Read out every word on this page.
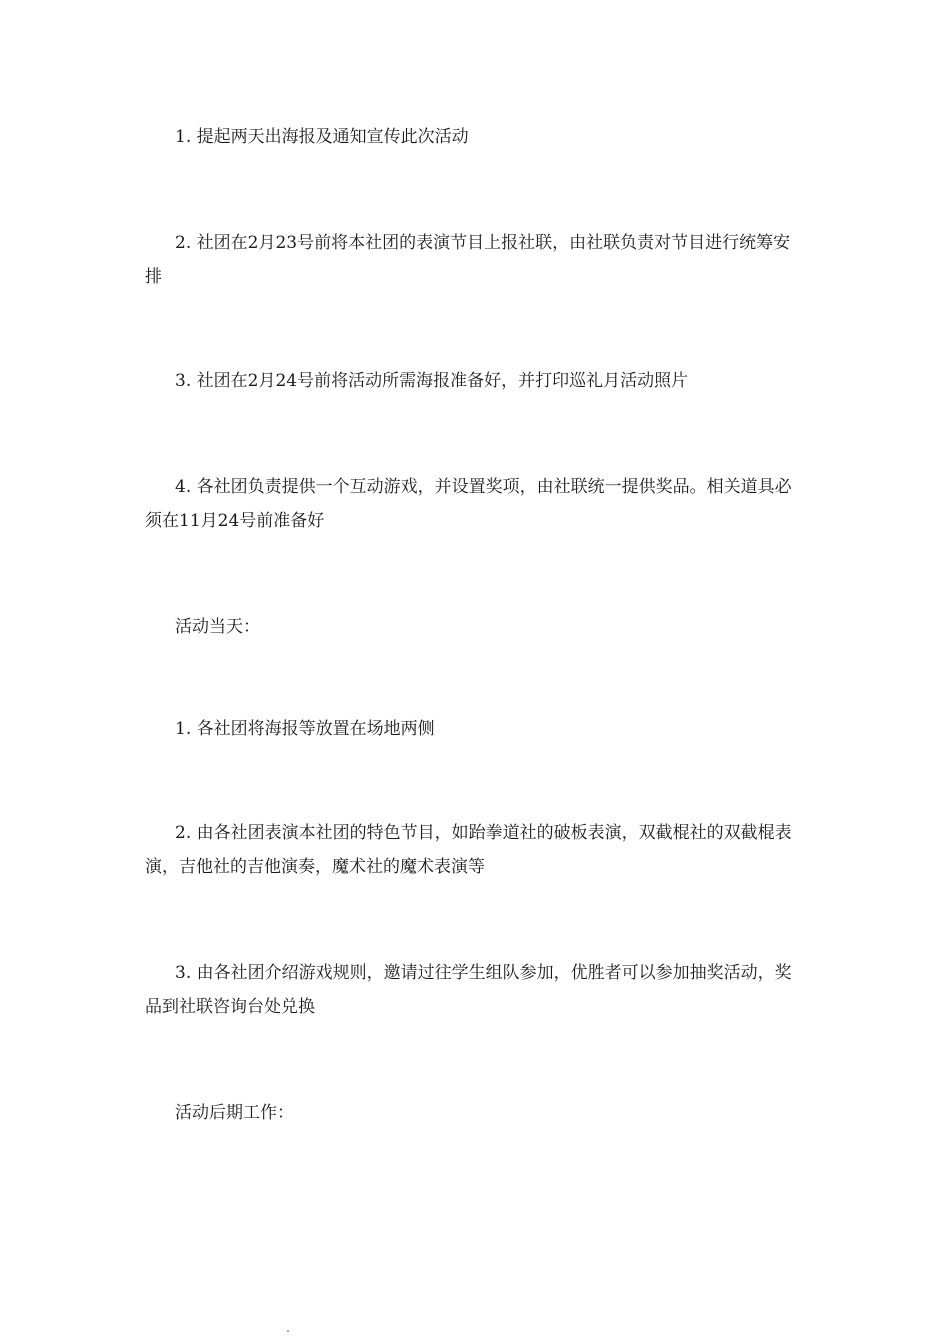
1. 提起两天出海报及通知宣传此次活动

2. 社团在2月23号前将本社团的表演节目上报社联，由社联负责对节目进行统筹安排

3. 社团在2月24号前将活动所需海报准备好，并打印巡礼月活动照片

4. 各社团负责提供一个互动游戏，并设置奖项，由社联统一提供奖品。相关道具必须在11月24号前准备好

活动当天：

1. 各社团将海报等放置在场地两侧

2. 由各社团表演本社团的特色节目，如跆拳道社的破板表演，双截棍社的双截棍表演，吉他社的吉他演奏，魔术社的魔术表演等

3. 由各社团介绍游戏规则，邀请过往学生组队参加，优胜者可以参加抽奖活动，奖品到社联咨询台处兑换

活动后期工作：
